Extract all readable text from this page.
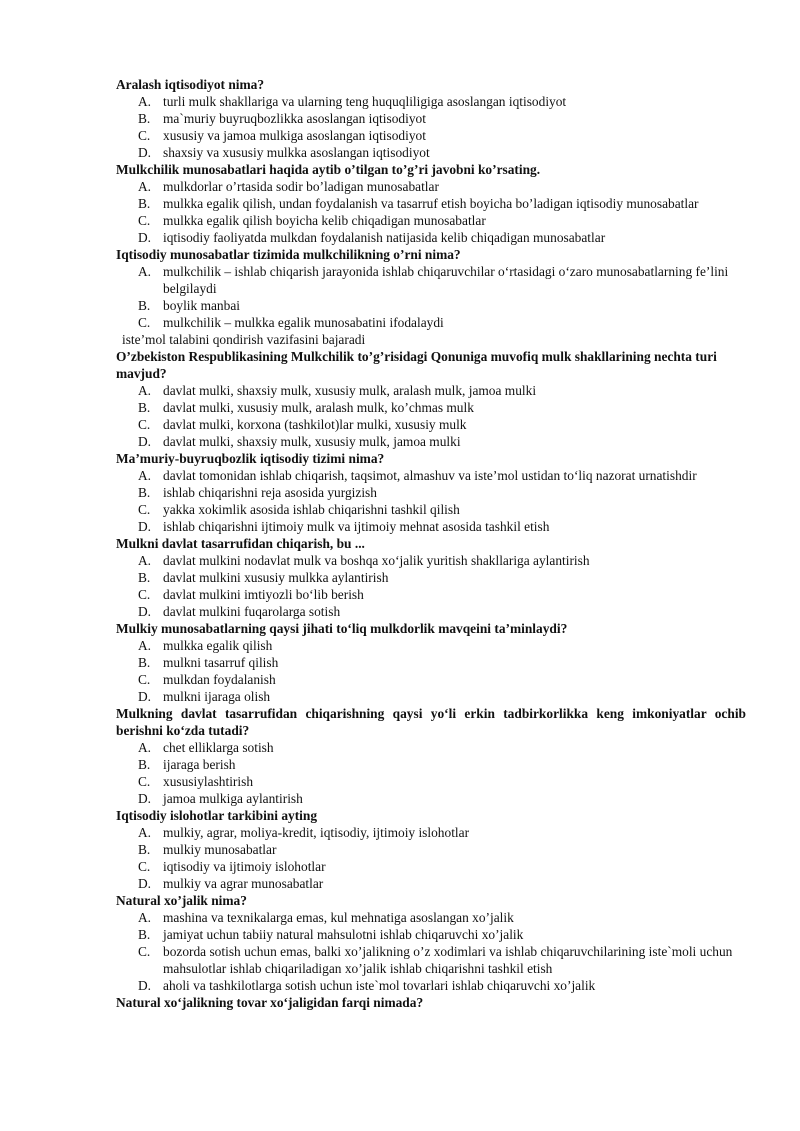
Aralash iqtisodiyot nima?

A. turli mulk shakllariga va ularning teng huquqliligiga asoslangan iqtisodiyot
B. ma`muriy buyruqbozlikka asoslangan iqtisodiyot
C. xususiy va jamoa mulkiga asoslangan iqtisodiyot
D. shaxsiy va xususiy mulkka asoslangan iqtisodiyot

Mulkchilik munosabatlari haqida aytib o’tilgan to’g’ri javobni ko’rsating.

A. mulkdorlar o’rtasida sodir bo’ladigan munosabatlar
B. mulkka egalik qilish, undan foydalanish va tasarruf etish boyicha bo’ladigan iqtisodiy munosabatlar
C. mulkka egalik qilish boyicha kelib chiqadigan munosabatlar
D. iqtisodiy faoliyatda mulkdan foydalanish natijasida kelib chiqadigan munosabatlar

Iqtisodiy munosabatlar tizimida mulkchilikning o’rni nima?

A. mulkchilik – ishlab chiqarish jarayonida ishlab chiqaruvchilar o‘rtasidagi o‘zaro munosabatlarning fe’lini belgilaydi
B. boylik manbai
C. mulkchilik – mulkka egalik munosabatini ifodalaydi

iste’mol talabini qondirish vazifasini bajaradi

O’zbekiston Respublikasining Mulkchilik to’g’risidagi Qonuniga muvofiq mulk shakllarining nechta turi mavjud?

A. davlat mulki, shaxsiy mulk, xususiy mulk, aralash mulk, jamoa mulki
B. davlat mulki, xususiy mulk, aralash mulk, ko’chmas mulk
C. davlat mulki, korxona (tashkilot)lar mulki, xususiy mulk
D. davlat mulki, shaxsiy mulk, xususiy mulk, jamoa mulki

Ma’muriy-buyruqbozlik iqtisodiy tizimi nima?

A. davlat tomonidan ishlab chiqarish, taqsimot, almashuv va iste’mol ustidan to‘liq nazorat urnatishdir
B. ishlab chiqarishni reja asosida yurgizish
C. yakka xokimlik asosida ishlab chiqarishni tashkil qilish
D. ishlab chiqarishni ijtimoiy mulk va ijtimoiy mehnat asosida tashkil etish

Mulkni davlat tasarrufidan chiqarish, bu ...

A. davlat mulkini nodavlat mulk va boshqa xo‘jalik yuritish shakllariga aylantirish
B. davlat mulkini xususiy mulkka aylantirish
C. davlat mulkini imtiyozli bo‘lib berish
D. davlat mulkini fuqarolarga sotish

Mulkiy munosabatlarning qaysi jihati to‘liq mulkdorlik mavqeini ta’minlaydi?

A. mulkka egalik qilish
B. mulkni tasarruf qilish
C. mulkdan foydalanish
D. mulkni ijaraga olish

Mulkning davlat tasarrufidan chiqarishning qaysi yo‘li erkin tadbirkorlikka keng imkoniyatlar ochib berishni ko‘zda tutadi?

A. chet elliklarga sotish
B. ijaraga berish
C. xususiylashtirish
D. jamoa mulkiga aylantirish

Iqtisodiy islohotlar tarkibini ayting

A. mulkiy, agrar, moliya-kredit, iqtisodiy, ijtimoiy islohotlar
B. mulkiy munosabatlar
C. iqtisodiy va ijtimoiy islohotlar
D. mulkiy va agrar munosabatlar

Natural xo’jalik nima?

A. mashina va texnikalarga emas, kul mehnatiga asoslangan xo’jalik
B. jamiyat uchun tabiiy natural mahsulotni ishlab chiqaruvchi xo’jalik
C. bozorda sotish uchun emas, balki xo’jalikning o’z xodimlari va ishlab chiqaruvchilarining iste`moli uchun mahsulotlar ishlab chiqariladigan xo’jalik ishlab chiqarishni tashkil etish
D. aholi va tashkilotlarga sotish uchun iste`mol tovarlari ishlab chiqaruvchi xo’jalik

Natural xo‘jalikning tovar xo‘jaligidan farqi nimada?
